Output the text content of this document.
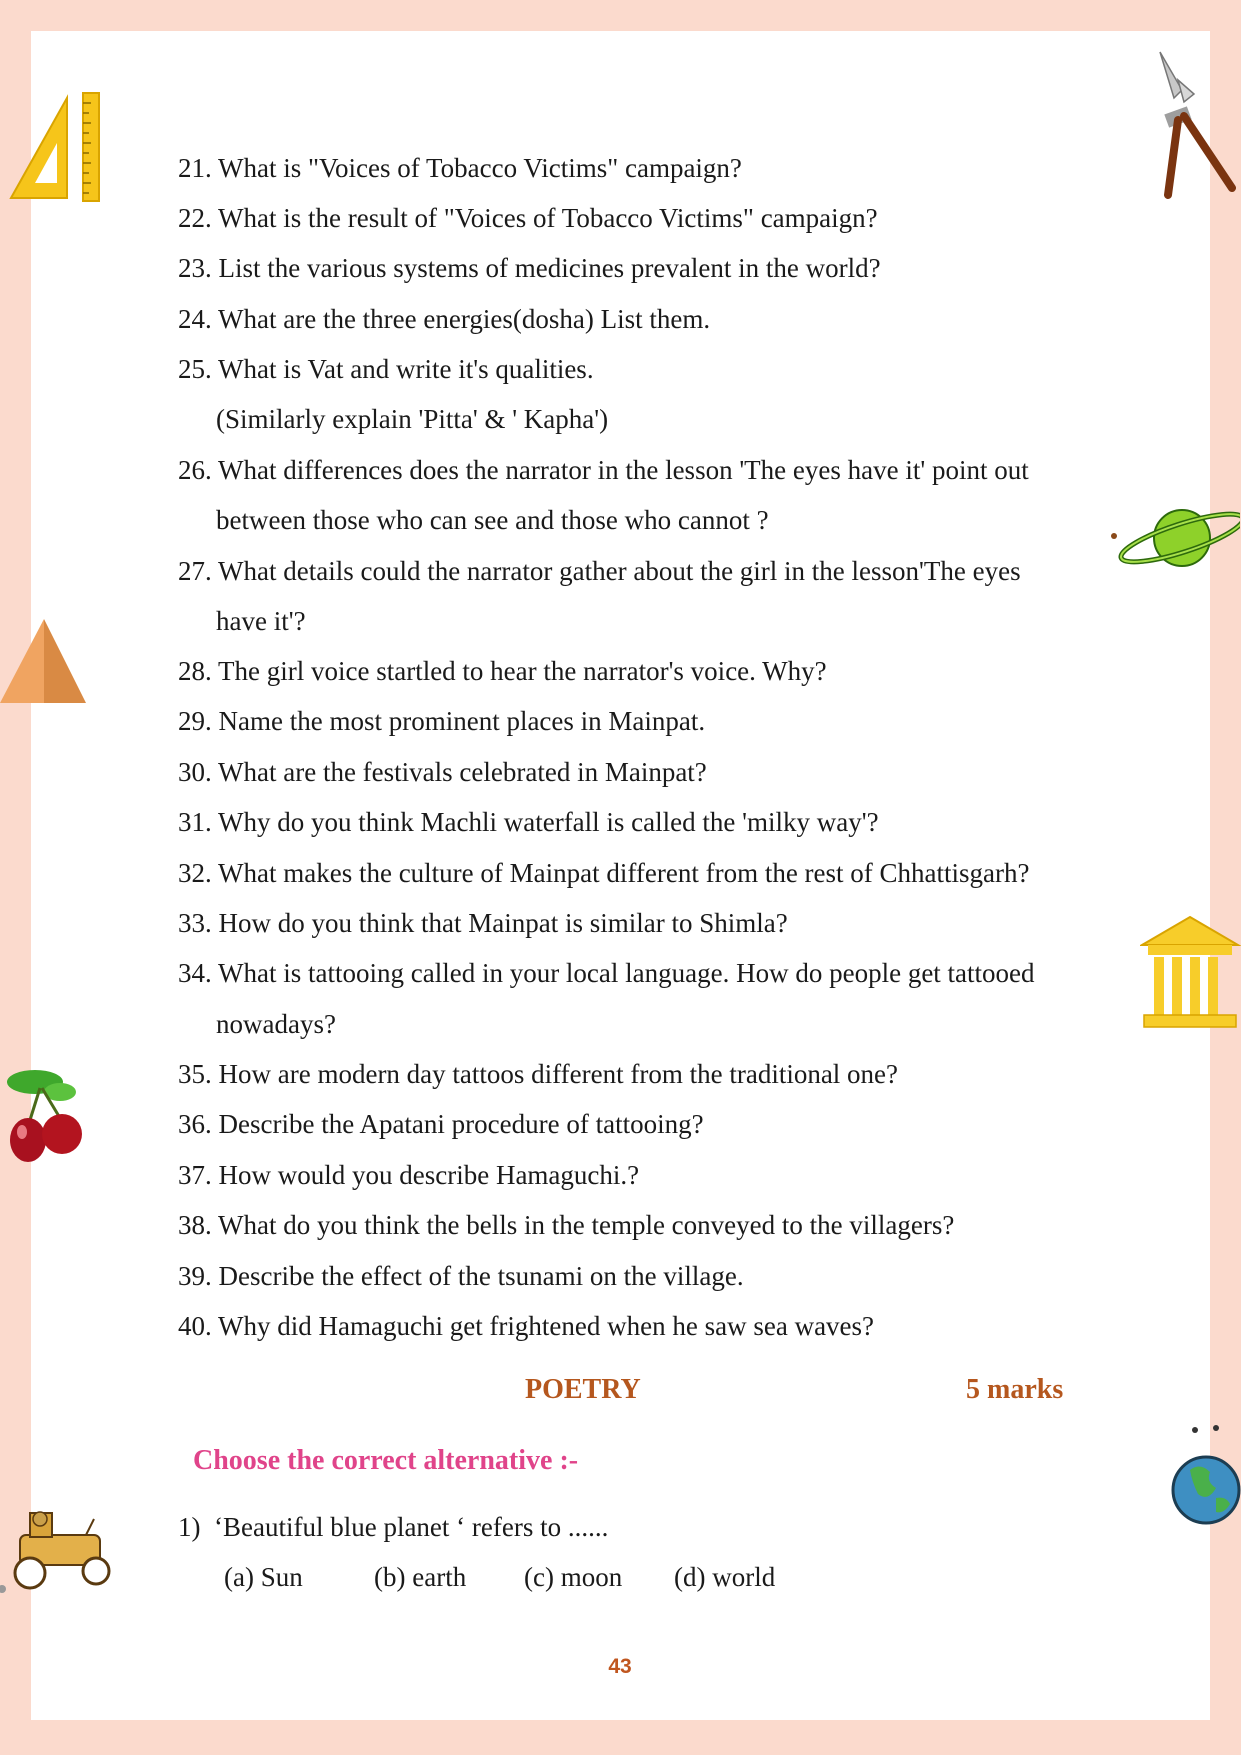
21. What is "Voices of Tobacco Victims" campaign?
22. What is the result of "Voices of Tobacco Victims" campaign?
23. List the various systems of medicines prevalent in the world?
24. What are the three energies(dosha) List them.
25. What is Vat and write it's qualities.
(Similarly explain 'Pitta' & ' Kapha')
26. What differences does the narrator in the lesson 'The eyes have it' point out
between those who can see and those who cannot ?
27. What details could the narrator gather about the girl in the lesson'The eyes
have it'?
28. The girl voice startled to hear the narrator's voice. Why?
29. Name the most prominent places in Mainpat.
30. What are the festivals celebrated in Mainpat?
31. Why do you think Machli waterfall is called the 'milky way'?
32. What makes the culture of Mainpat different from the rest of Chhattisgarh?
33. How do you think that Mainpat is similar to Shimla?
34. What is tattooing called in your local language. How do people get tattooed
nowadays?
35. How are modern day tattoos different from the traditional one?
36. Describe the Apatani procedure of tattooing?
37. How would you describe Hamaguchi.?
38. What do you think the bells in the temple conveyed to the villagers?
39. Describe the effect of the tsunami on the village.
40. Why did Hamaguchi get frightened when he saw sea waves?
POETRY	5 marks
Choose the correct alternative :-
1) ‘Beautiful blue planet ‘ refers to ......
(a) Sun	(b) earth (c) moon (d) world
43
